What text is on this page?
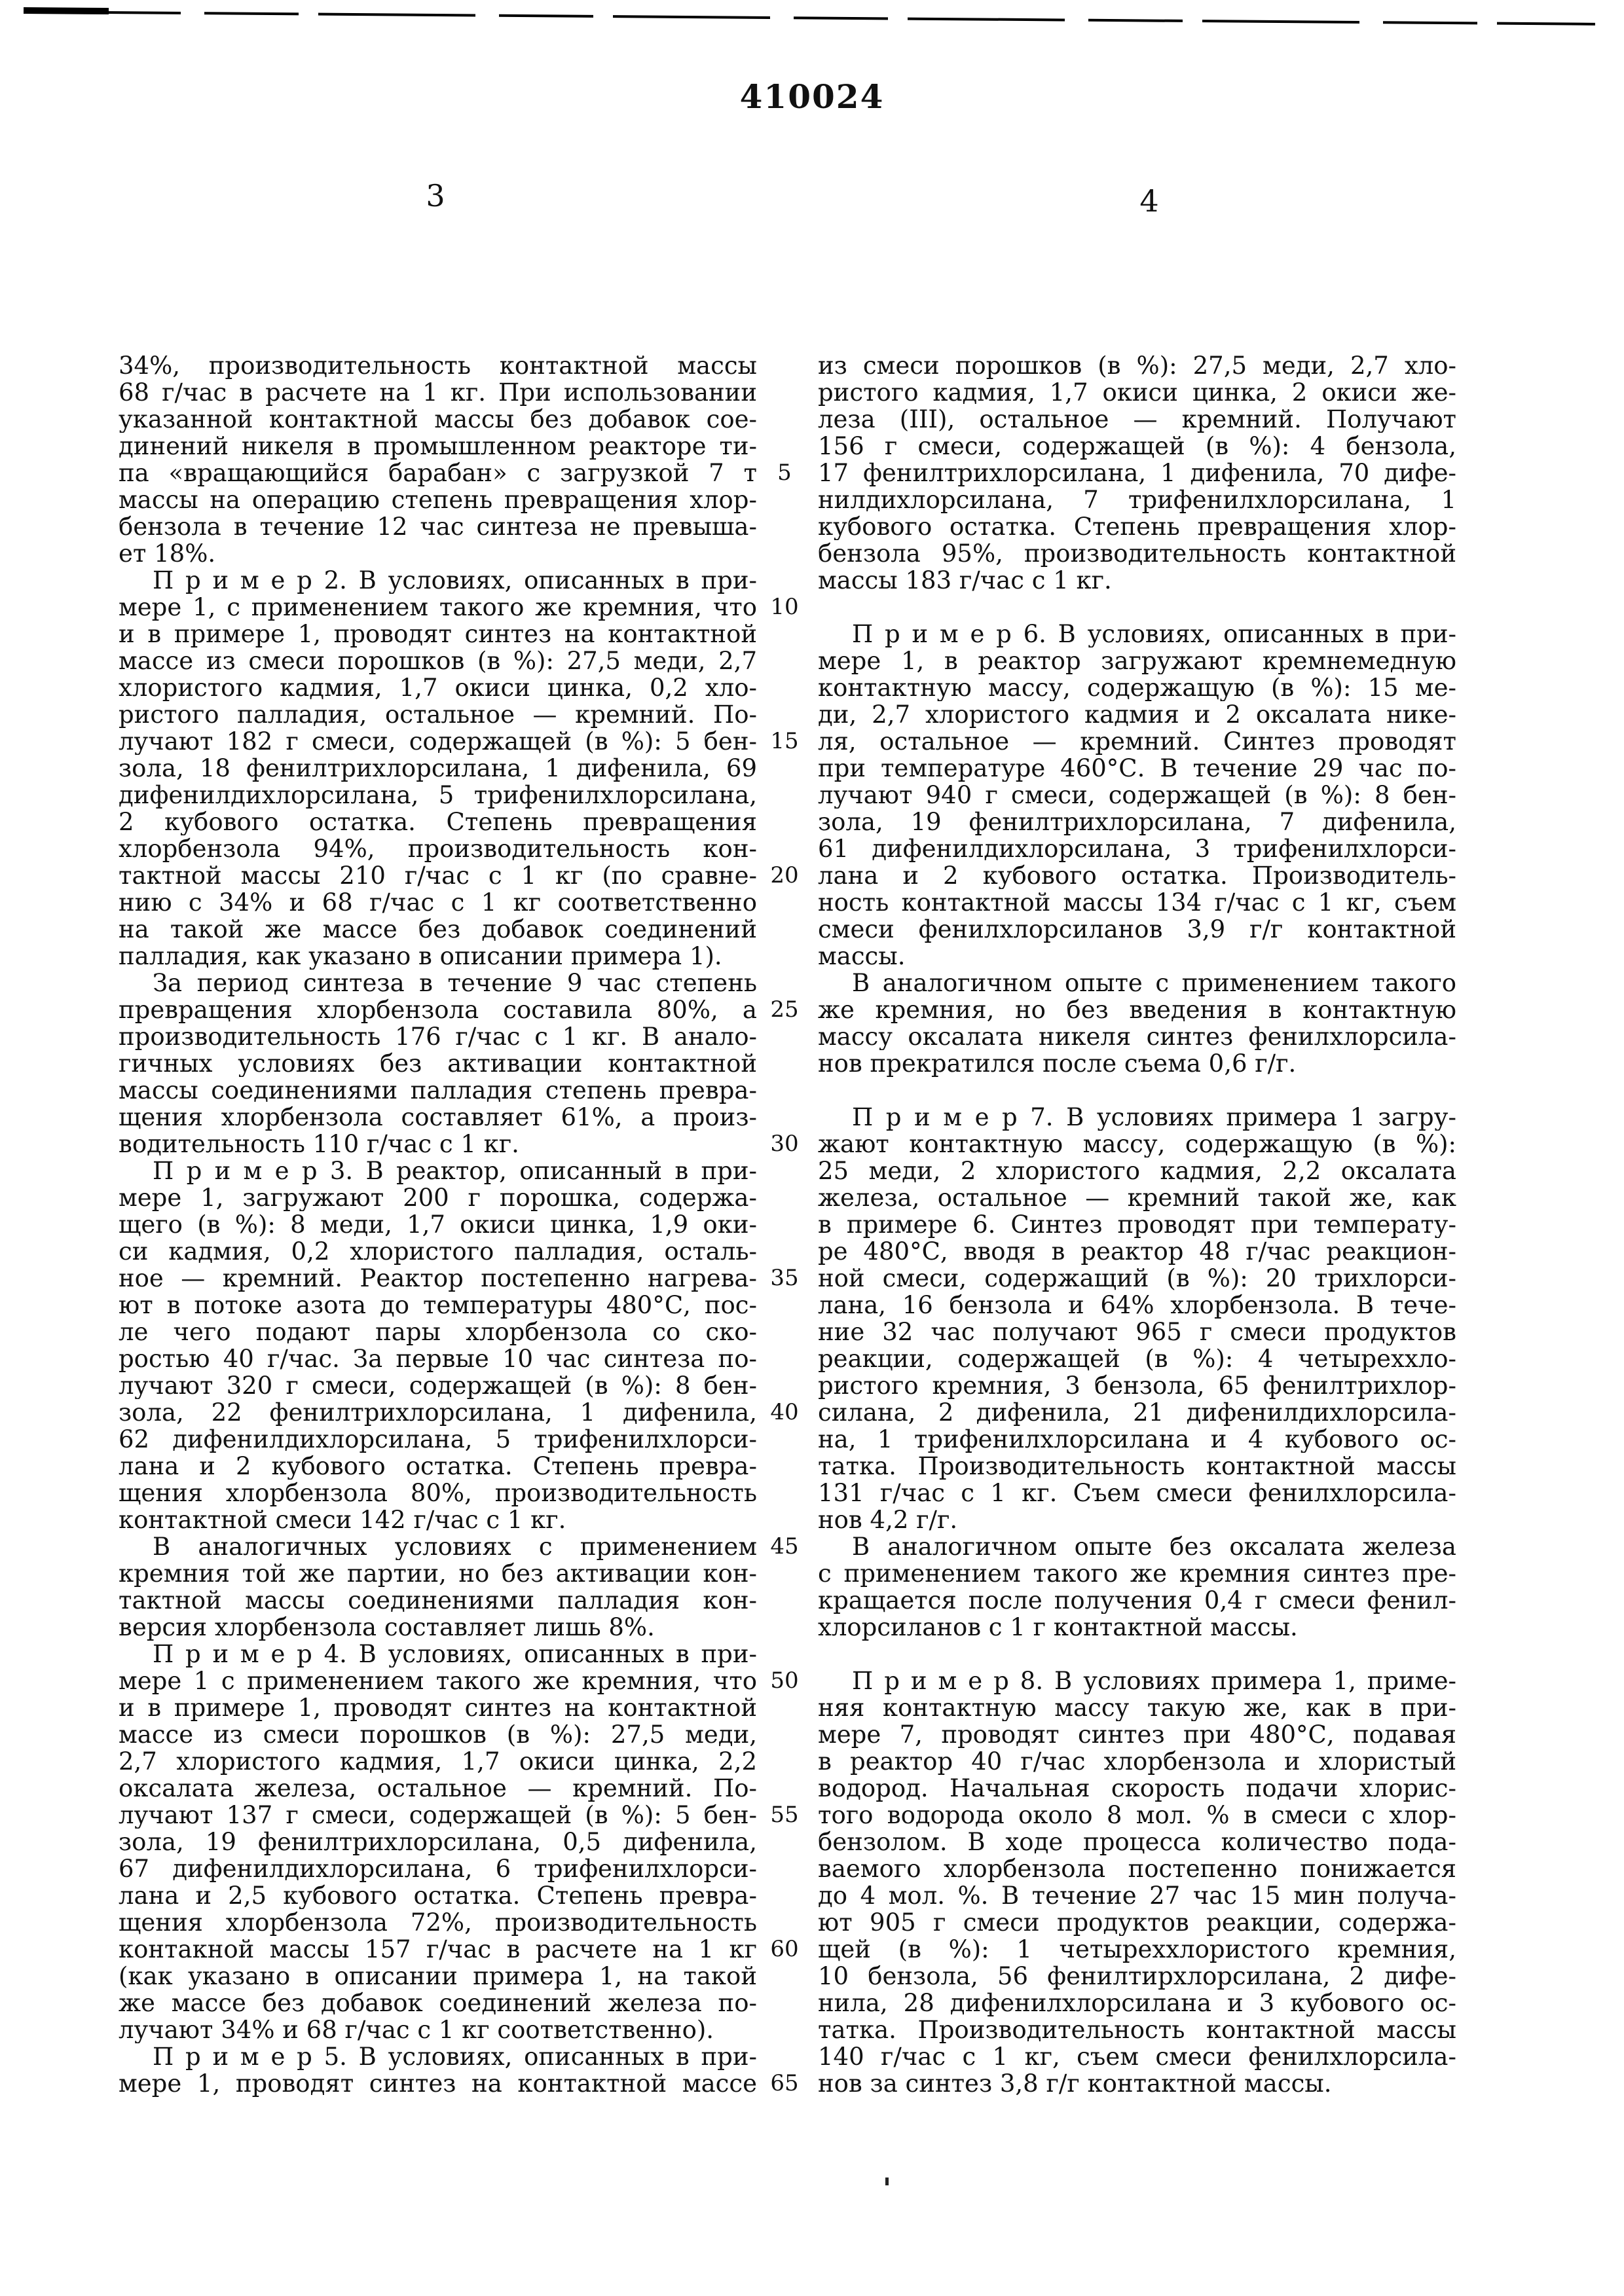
410024
3	4
34%, производительность контактной массы
68 г/час в расчете на 1 кг. При использовании
указанной контактной массы без добавок сое-
динений никеля в промышленном реакторе ти-
па «вращающийся барабан» с загрузкой 7 т
массы на операцию степень превращения хлор-
бензола в течение 12 час синтеза не превыша-
ет 18%.
П р и м е р 2. В условиях, описанных в при-
мере 1, с применением такого же кремния, что
и в примере 1, проводят синтез на контактной
массе из смеси порошков (в %): 27,5 меди, 2,7
хлористого кадмия, 1,7 окиси цинка, 0,2 хло-
ристого палладия, остальное — кремний. По-
лучают 182 г смеси, содержащей (в %): 5 бен-
зола, 18 фенилтрихлорсилана, 1 дифенила, 69
дифенилдихлорсилана, 5 трифенилхлорсилана,
2 кубового остатка. Степень превращения
хлорбензола 94%, производительность кон-
тактной массы 210 г/час с 1 кг (по сравне-
нию с 34% и 68 г/час с 1 кг соответственно
на такой же массе без добавок соединений
палладия, как указано в описании примера 1).
За период синтеза в течение 9 час степень
превращения хлорбензола составила 80%, а
производительность 176 г/час с 1 кг. В анало-
гичных условиях без активации контактной
массы соединениями палладия степень превра-
щения хлорбензола составляет 61%, а произ-
водительность 110 г/час с 1 кг.
П р и м е р 3. В реактор, описанный в при-
мере 1, загружают 200 г порошка, содержа-
щего (в %): 8 меди, 1,7 окиси цинка, 1,9 оки-
си кадмия, 0,2 хлористого палладия, осталь-
ное — кремний. Реактор постепенно нагрева-
ют в потоке азота до температуры 480°С, пос-
ле чего подают пары хлорбензола со ско-
ростью 40 г/час. За первые 10 час синтеза по-
лучают 320 г смеси, содержащей (в %): 8 бен-
зола, 22 фенилтрихлорсилана, 1 дифенила,
62 дифенилдихлорсилана, 5 трифенилхлорси-
лана и 2 кубового остатка. Степень превра-
щения хлорбензола 80%, производительность
контактной смеси 142 г/час с 1 кг.
В аналогичных условиях с применением
кремния той же партии, но без активации кон-
тактной массы соединениями палладия кон-
версия хлорбензола составляет лишь 8%.
П р и м е р 4. В условиях, описанных в при-
мере 1 с применением такого же кремния, что
и в примере 1, проводят синтез на контактной
массе из смеси порошков (в %): 27,5 меди,
2,7 хлористого кадмия, 1,7 окиси цинка, 2,2
оксалата железа, остальное — кремний. По-
лучают 137 г смеси, содержащей (в %): 5 бен-
зола, 19 фенилтрихлорсилана, 0,5 дифенила,
67 дифенилдихлорсилана, 6 трифенилхлорси-
лана и 2,5 кубового остатка. Степень превра-
щения хлорбензола 72%, производительность
контакной массы 157 г/час в расчете на 1 кг
(как указано в описании примера 1, на такой
же массе без добавок соединений железа по-
лучают 34% и 68 г/час с 1 кг соответственно).
П р и м е р 5. В условиях, описанных в при-
мере 1, проводят синтез на контактной массе
5
10
15
20
25
30
35
40
45
50
55
60
65
из смеси порошков (в %): 27,5 меди, 2,7 хло-
ристого кадмия, 1,7 окиси цинка, 2 окиси же-
леза (III), остальное — кремний. Получают
156 г смеси, содержащей (в %): 4 бензола,
17 фенилтрихлорсилана, 1 дифенила, 70 дифе-
нилдихлорсилана, 7 трифенилхлорсилана, 1
кубового остатка. Степень превращения хлор-
бензола 95%, производительность контактной
массы 183 г/час с 1 кг.
П р и м е р 6. В условиях, описанных в при-
мере 1, в реактор загружают кремнемедную
контактную массу, содержащую (в %): 15 ме-
ди, 2,7 хлористого кадмия и 2 оксалата нике-
ля, остальное — кремний. Синтез проводят
при температуре 460°С. В течение 29 час по-
лучают 940 г смеси, содержащей (в %): 8 бен-
зола, 19 фенилтрихлорсилана, 7 дифенила,
61 дифенилдихлорсилана, 3 трифенилхлорси-
лана и 2 кубового остатка. Производитель-
ность контактной массы 134 г/час с 1 кг, съем
смеси фенилхлорсиланов 3,9 г/г контактной
массы.
В аналогичном опыте с применением такого
же кремния, но без введения в контактную
массу оксалата никеля синтез фенилхлорсила-
нов прекратился после съема 0,6 г/г.
П р и м е р 7. В условиях примера 1 загру-
жают контактную массу, содержащую (в %):
25 меди, 2 хлористого кадмия, 2,2 оксалата
железа, остальное — кремний такой же, как
в примере 6. Синтез проводят при температу-
ре 480°С, вводя в реактор 48 г/час реакцион-
ной смеси, содержащий (в %): 20 трихлорси-
лана, 16 бензола и 64% хлорбензола. В тече-
ние 32 час получают 965 г смеси продуктов
реакции, содержащей (в %): 4 четыреххло-
ристого кремния, 3 бензола, 65 фенилтрихлор-
силана, 2 дифенила, 21 дифенилдихлорсила-
на, 1 трифенилхлорсилана и 4 кубового ос-
татка. Производительность контактной массы
131 г/час с 1 кг. Съем смеси фенилхлорсила-
нов 4,2 г/г.
В аналогичном опыте без оксалата железа
с применением такого же кремния синтез пре-
кращается после получения 0,4 г смеси фенил-
хлорсиланов с 1 г контактной массы.
П р и м е р 8. В условиях примера 1, приме-
няя контактную массу такую же, как в при-
мере 7, проводят синтез при 480°С, подавая
в реактор 40 г/час хлорбензола и хлористый
водород. Начальная скорость подачи хлорис-
того водорода около 8 мол. % в смеси с хлор-
бензолом. В ходе процесса количество пода-
ваемого хлорбензола постепенно понижается
до 4 мол. %. В течение 27 час 15 мин получа-
ют 905 г смеси продуктов реакции, содержа-
щей (в %): 1 четыреххлористого кремния,
10 бензола, 56 фенилтирхлорсилана, 2 дифе-
нила, 28 дифенилхлорсилана и 3 кубового ос-
татка. Производительность контактной массы
140 г/час с 1 кг, съем смеси фенилхлорсила-
нов за синтез 3,8 г/г контактной массы.
